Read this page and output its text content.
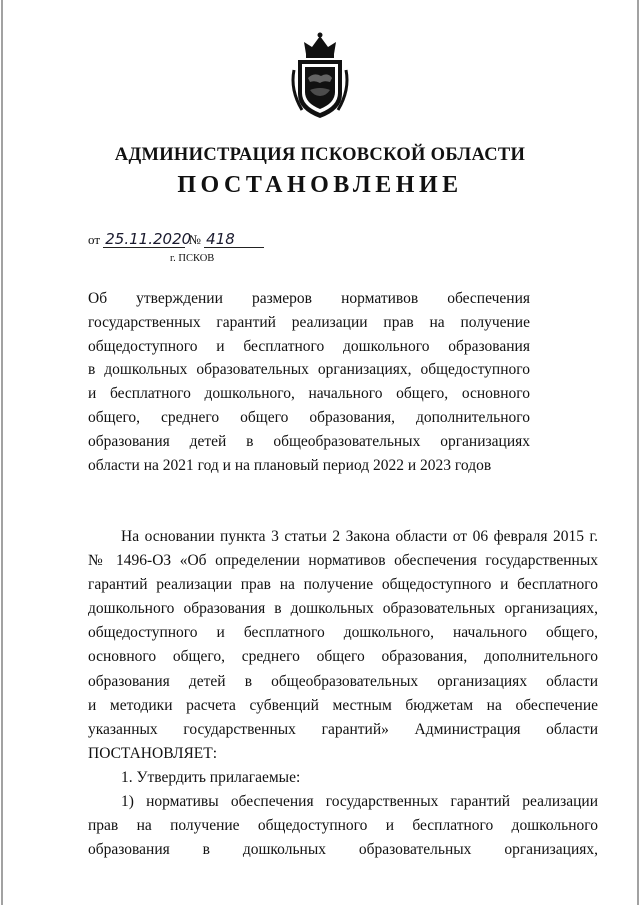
АДМИНИСТРАЦИЯ ПСКОВСКОЙ ОБЛАСТИ
ПОСТАНОВЛЕНИЕ
от 25.11.2020 № 418
г. ПСКОВ
Об утверждении размеров нормативов обеспечения
государственных гарантий реализации прав на получение
общедоступного и бесплатного дошкольного образования
в дошкольных образовательных организациях, общедоступного
и бесплатного дошкольного, начального общего, основного
общего, среднего общего образования, дополнительного
образования детей в общеобразовательных организациях
области на 2021 год и на плановый период 2022 и 2023 годов
На основании пункта 3 статьи 2 Закона области от 06 февраля 2015 г.
№ 1496-ОЗ «Об определении нормативов обеспечения государственных
гарантий реализации прав на получение общедоступного и бесплатного
дошкольного образования в дошкольных образовательных организациях,
общедоступного и бесплатного дошкольного, начального общего,
основного общего, среднего общего образования, дополнительного
образования детей в общеобразовательных организациях области
и методики расчета субвенций местным бюджетам на обеспечение
указанных государственных гарантий» Администрация области
ПОСТАНОВЛЯЕТ:
1. Утвердить прилагаемые:
1) нормативы обеспечения государственных гарантий реализации
прав на получение общедоступного и бесплатного дошкольного
образования в дошкольных образовательных организациях,
